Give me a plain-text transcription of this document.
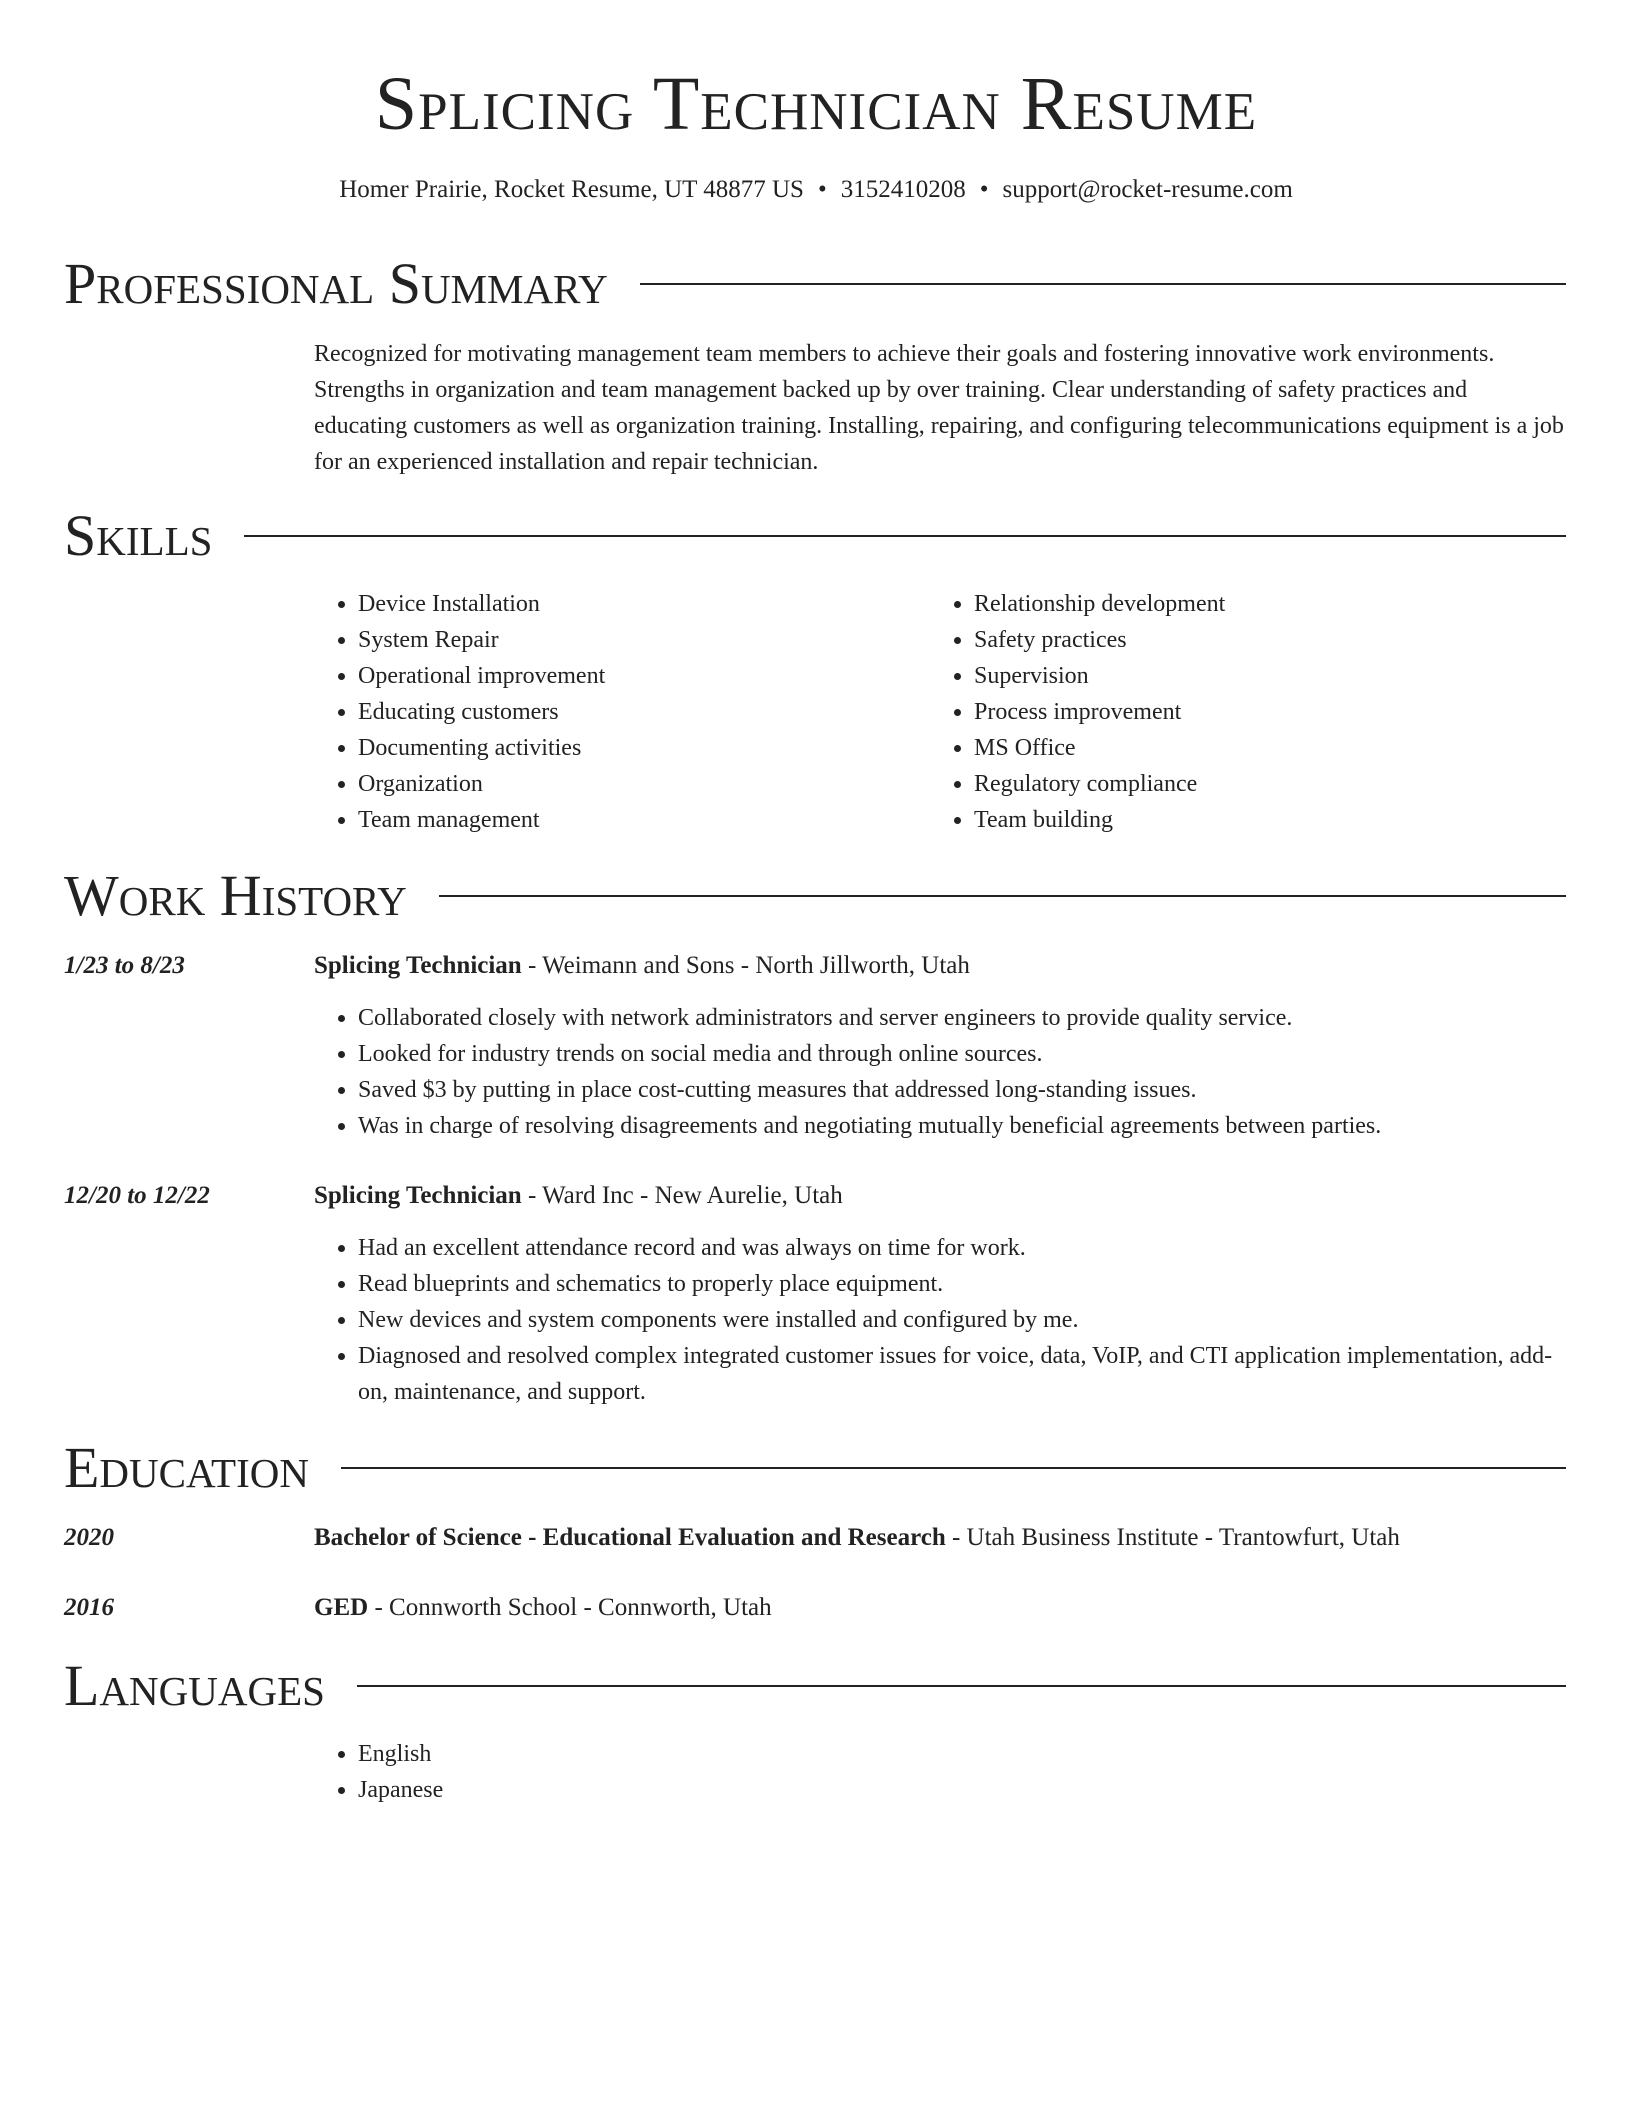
Splicing Technician Resume
Homer Prairie, Rocket Resume, UT 48877 US • 3152410208 • support@rocket-resume.com
Professional Summary
Recognized for motivating management team members to achieve their goals and fostering innovative work environments. Strengths in organization and team management backed up by over training. Clear understanding of safety practices and educating customers as well as organization training. Installing, repairing, and configuring telecommunications equipment is a job for an experienced installation and repair technician.
Skills
• Device Installation
• System Repair
• Operational improvement
• Educating customers
• Documenting activities
• Organization
• Team management
• Relationship development
• Safety practices
• Supervision
• Process improvement
• MS Office
• Regulatory compliance
• Team building
Work History
1/23 to 8/23	Splicing Technician - Weimann and Sons - North Jillworth, Utah
• Collaborated closely with network administrators and server engineers to provide quality service.
• Looked for industry trends on social media and through online sources.
• Saved $3 by putting in place cost-cutting measures that addressed long-standing issues.
• Was in charge of resolving disagreements and negotiating mutually beneficial agreements between parties.
12/20 to 12/22	Splicing Technician - Ward Inc - New Aurelie, Utah
• Had an excellent attendance record and was always on time for work.
• Read blueprints and schematics to properly place equipment.
• New devices and system components were installed and configured by me.
• Diagnosed and resolved complex integrated customer issues for voice, data, VoIP, and CTI application implementation, add-on, maintenance, and support.
Education
2020	Bachelor of Science - Educational Evaluation and Research - Utah Business Institute - Trantowfurt, Utah
2016	GED - Connworth School - Connworth, Utah
Languages
• English
• Japanese
